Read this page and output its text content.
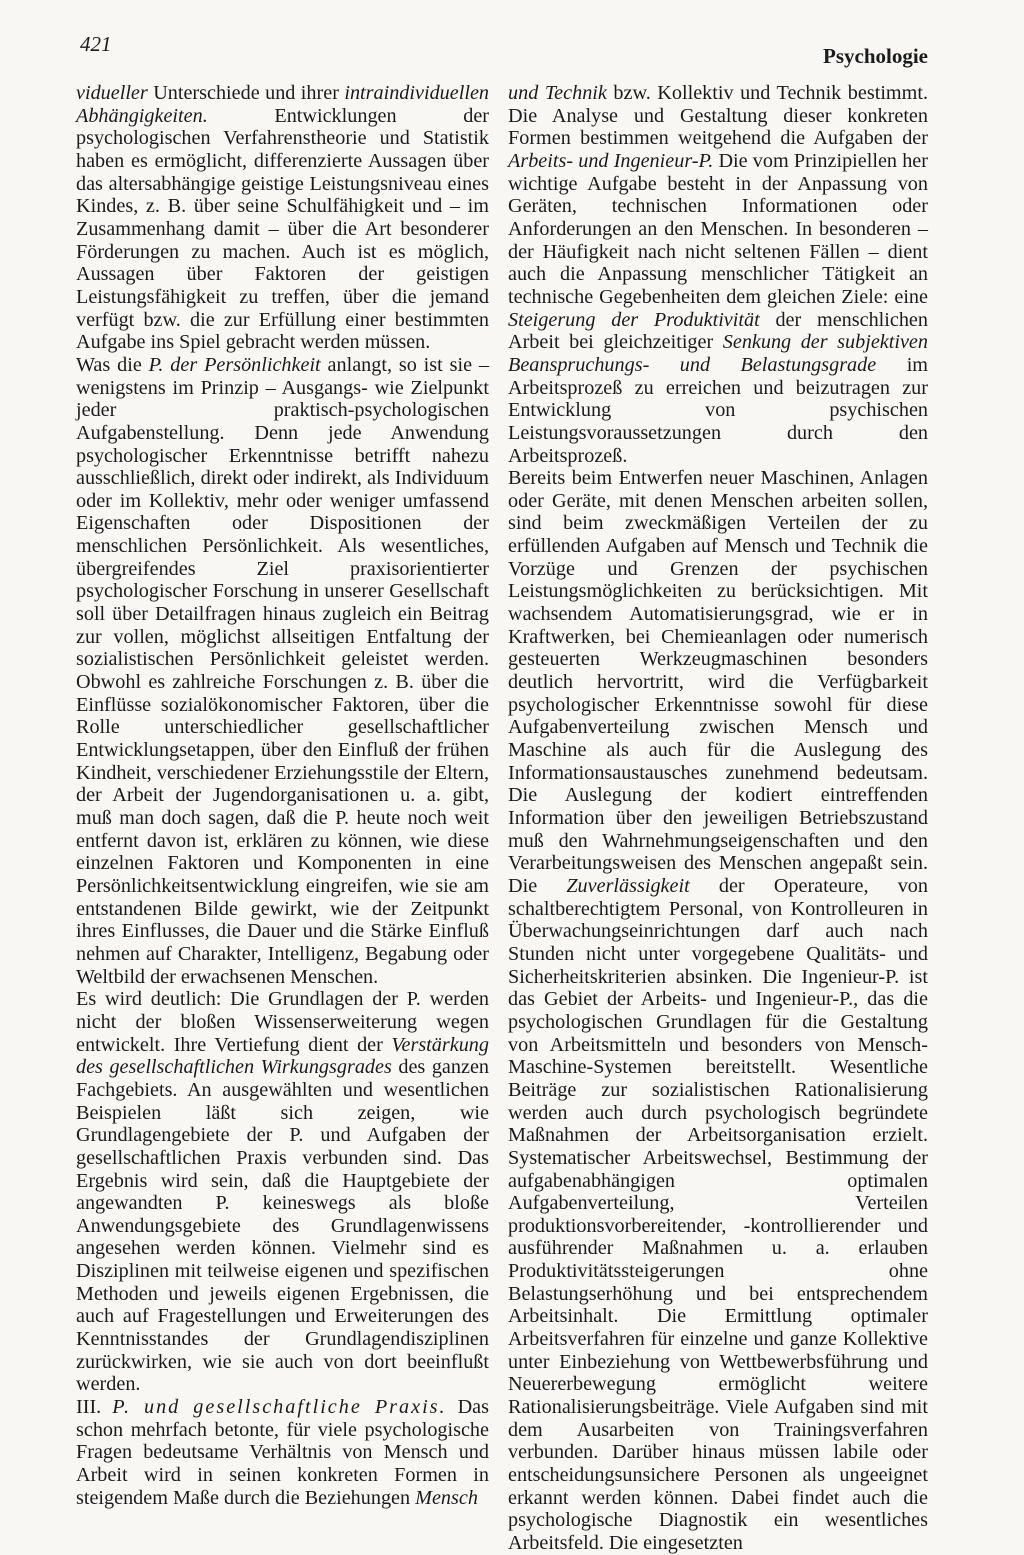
421	Psychologie

vidueller Unterschiede und ihrer intraindividuellen Abhängigkeiten. Entwicklungen der psychologischen Verfahrenstheorie und Statistik haben es ermöglicht, differenzierte Aussagen über das altersabhängige geistige Leistungsniveau eines Kindes, z. B. über seine Schulfähigkeit und – im Zusammenhang damit – über die Art besonderer Förderungen zu machen. Auch ist es möglich, Aussagen über Faktoren der geistigen Leistungsfähigkeit zu treffen, über die jemand verfügt bzw. die zur Erfüllung einer bestimmten Aufgabe ins Spiel gebracht werden müssen.

Was die P. der Persönlichkeit anlangt, so ist sie – wenigstens im Prinzip – Ausgangs- wie Zielpunkt jeder praktisch-psychologischen Aufgabenstellung. Denn jede Anwendung psychologischer Erkenntnisse betrifft nahezu ausschließlich, direkt oder indirekt, als Individuum oder im Kollektiv, mehr oder weniger umfassend Eigenschaften oder Dispositionen der menschlichen Persönlichkeit. Als wesentliches, übergreifendes Ziel praxisorientierter psychologischer Forschung in unserer Gesellschaft soll über Detailfragen hinaus zugleich ein Beitrag zur vollen, möglichst allseitigen Entfaltung der sozialistischen Persönlichkeit geleistet werden. Obwohl es zahlreiche Forschungen z. B. über die Einflüsse sozialökonomischer Faktoren, über die Rolle unterschiedlicher gesellschaftlicher Entwicklungsetappen, über den Einfluß der frühen Kindheit, verschiedener Erziehungsstile der Eltern, der Arbeit der Jugendorganisationen u. a. gibt, muß man doch sagen, daß die P. heute noch weit entfernt davon ist, erklären zu können, wie diese einzelnen Faktoren und Komponenten in eine Persönlichkeitsentwicklung eingreifen, wie sie am entstandenen Bilde gewirkt, wie der Zeitpunkt ihres Einflusses, die Dauer und die Stärke Einfluß nehmen auf Charakter, Intelligenz, Begabung oder Weltbild der erwachsenen Menschen.

Es wird deutlich: Die Grundlagen der P. werden nicht der bloßen Wissenserweiterung wegen entwickelt. Ihre Vertiefung dient der Verstärkung des gesellschaftlichen Wirkungsgrades des ganzen Fachgebiets. An ausgewählten und wesentlichen Beispielen läßt sich zeigen, wie Grundlagengebiete der P. und Aufgaben der gesellschaftlichen Praxis verbunden sind. Das Ergebnis wird sein, daß die Hauptgebiete der angewandten P. keineswegs als bloße Anwendungsgebiete des Grundlagenwissens angesehen werden können. Vielmehr sind es Disziplinen mit teilweise eigenen und spezifischen Methoden und jeweils eigenen Ergebnissen, die auch auf Fragestellungen und Erweiterungen des Kenntnisstandes der Grundlagendisziplinen zurückwirken, wie sie auch von dort beeinflußt werden.

III. P. und gesellschaftliche Praxis. Das schon mehrfach betonte, für viele psychologische Fragen bedeutsame Verhältnis von Mensch und Arbeit wird in seinen konkreten Formen in steigendem Maße durch die Beziehungen Mensch

und Technik bzw. Kollektiv und Technik bestimmt. Die Analyse und Gestaltung dieser konkreten Formen bestimmen weitgehend die Aufgaben der Arbeits- und Ingenieur-P. Die vom Prinzipiellen her wichtige Aufgabe besteht in der Anpassung von Geräten, technischen Informationen oder Anforderungen an den Menschen. In besonderen – der Häufigkeit nach nicht seltenen Fällen – dient auch die Anpassung menschlicher Tätigkeit an technische Gegebenheiten dem gleichen Ziele: eine Steigerung der Produktivität der menschlichen Arbeit bei gleichzeitiger Senkung der subjektiven Beanspruchungs- und Belastungsgrade im Arbeitsprozeß zu erreichen und beizutragen zur Entwicklung von psychischen Leistungsvoraussetzungen durch den Arbeitsprozeß.

Bereits beim Entwerfen neuer Maschinen, Anlagen oder Geräte, mit denen Menschen arbeiten sollen, sind beim zweckmäßigen Verteilen der zu erfüllenden Aufgaben auf Mensch und Technik die Vorzüge und Grenzen der psychischen Leistungsmöglichkeiten zu berücksichtigen. Mit wachsendem Automatisierungsgrad, wie er in Kraftwerken, bei Chemieanlagen oder numerisch gesteuerten Werkzeugmaschinen besonders deutlich hervortritt, wird die Verfügbarkeit psychologischer Erkenntnisse sowohl für diese Aufgabenverteilung zwischen Mensch und Maschine als auch für die Auslegung des Informationsaustausches zunehmend bedeutsam. Die Auslegung der kodiert eintreffenden Information über den jeweiligen Betriebszustand muß den Wahrnehmungseigenschaften und den Verarbeitungsweisen des Menschen angepaßt sein. Die Zuverlässigkeit der Operateure, von schaltberechtigtem Personal, von Kontrolleuren in Überwachungseinrichtungen darf auch nach Stunden nicht unter vorgegebene Qualitäts- und Sicherheitskriterien absinken. Die Ingenieur-P. ist das Gebiet der Arbeits- und Ingenieur-P., das die psychologischen Grundlagen für die Gestaltung von Arbeitsmitteln und besonders von Mensch-Maschine-Systemen bereitstellt. Wesentliche Beiträge zur sozialistischen Rationalisierung werden auch durch psychologisch begründete Maßnahmen der Arbeitsorganisation erzielt. Systematischer Arbeitswechsel, Bestimmung der aufgabenabhängigen optimalen Aufgabenverteilung, Verteilen produktionsvorbereitender, -kontrollierender und ausführender Maßnahmen u. a. erlauben Produktivitätssteigerungen ohne Belastungserhöhung und bei entsprechendem Arbeitsinhalt. Die Ermittlung optimaler Arbeitsverfahren für einzelne und ganze Kollektive unter Einbeziehung von Wettbewerbsführung und Neuererbewegung ermöglicht weitere Rationalisierungsbeiträge. Viele Aufgaben sind mit dem Ausarbeiten von Trainingsverfahren verbunden. Darüber hinaus müssen labile oder entscheidungsunsichere Personen als ungeeignet erkannt werden können. Dabei findet auch die psychologische Diagnostik ein wesentliches Arbeitsfeld. Die eingesetzten
